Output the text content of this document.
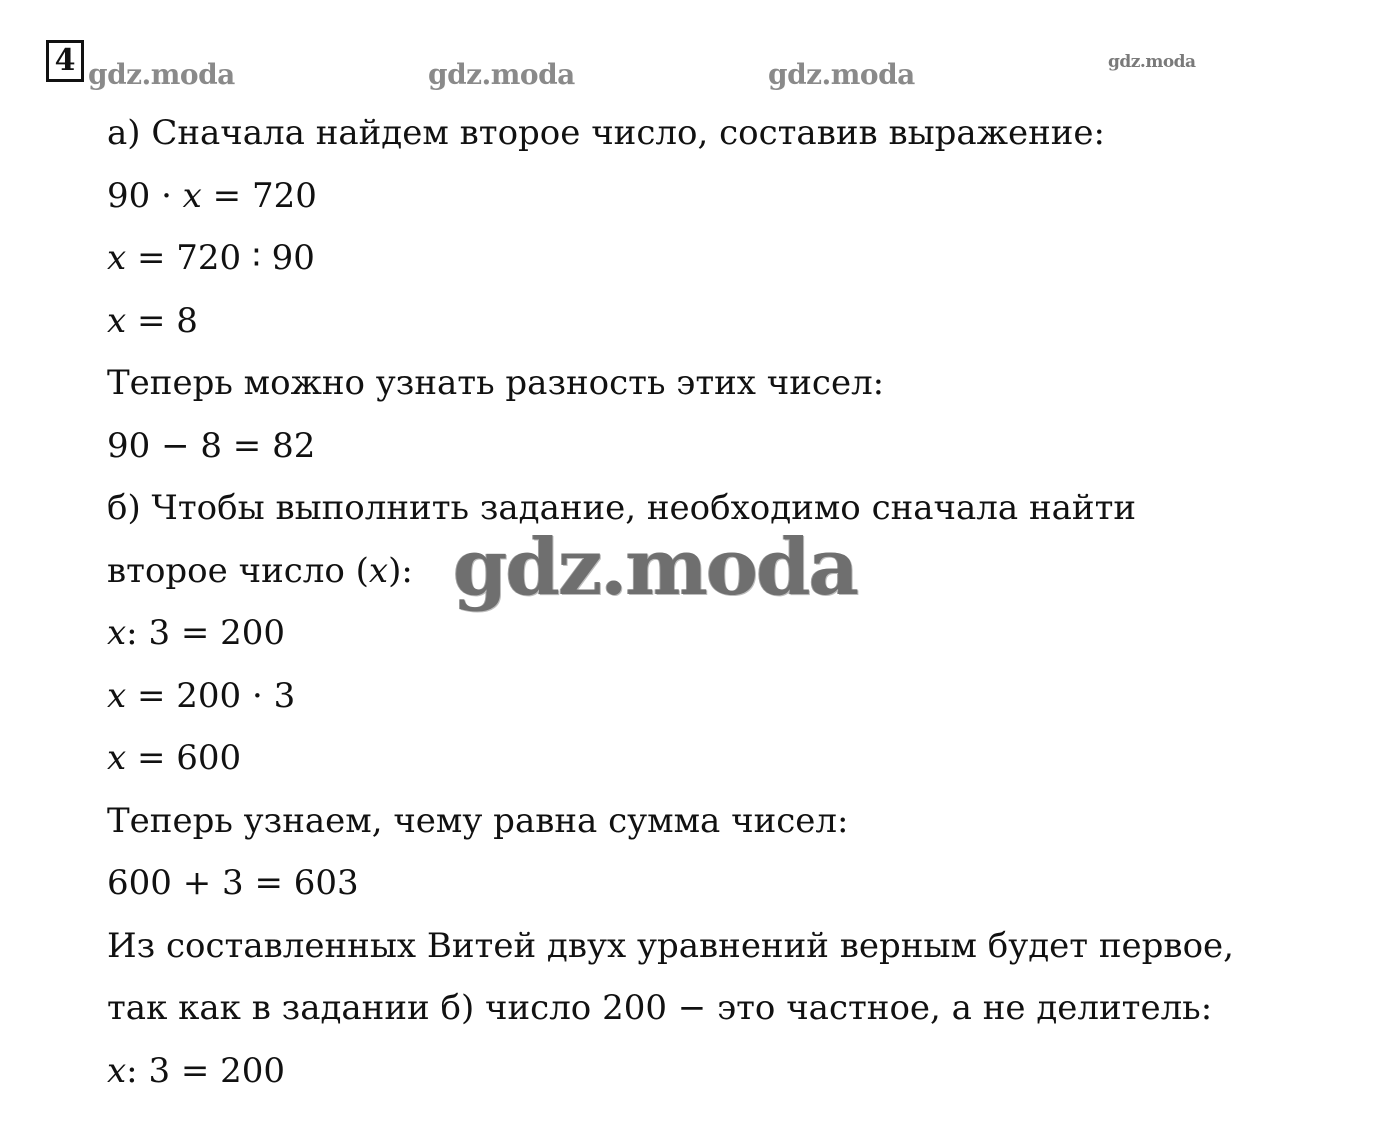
4 gdz.moda	gdz.moda	gdz.moda	gdz.moda
а) Сначала найдем второе число, составив выражение:
90 · 𝑥 = 720
𝑥 = 720 ∶ 90
𝑥 = 8
Теперь можно узнать разность этих чисел:
90 − 8 = 82
б) Чтобы выполнить задание, необходимо сначала найти
второе число (𝑥):
𝑥: 3 = 200
𝑥 = 200 · 3
𝑥 = 600
Теперь узнаем, чему равна сумма чисел:
600 + 3 = 603
Из составленных Витей двух уравнений верным будет первое,
так как в задании б) число 200 − это частное, а не делитель:
𝑥: 3 = 200
gdz.moda
